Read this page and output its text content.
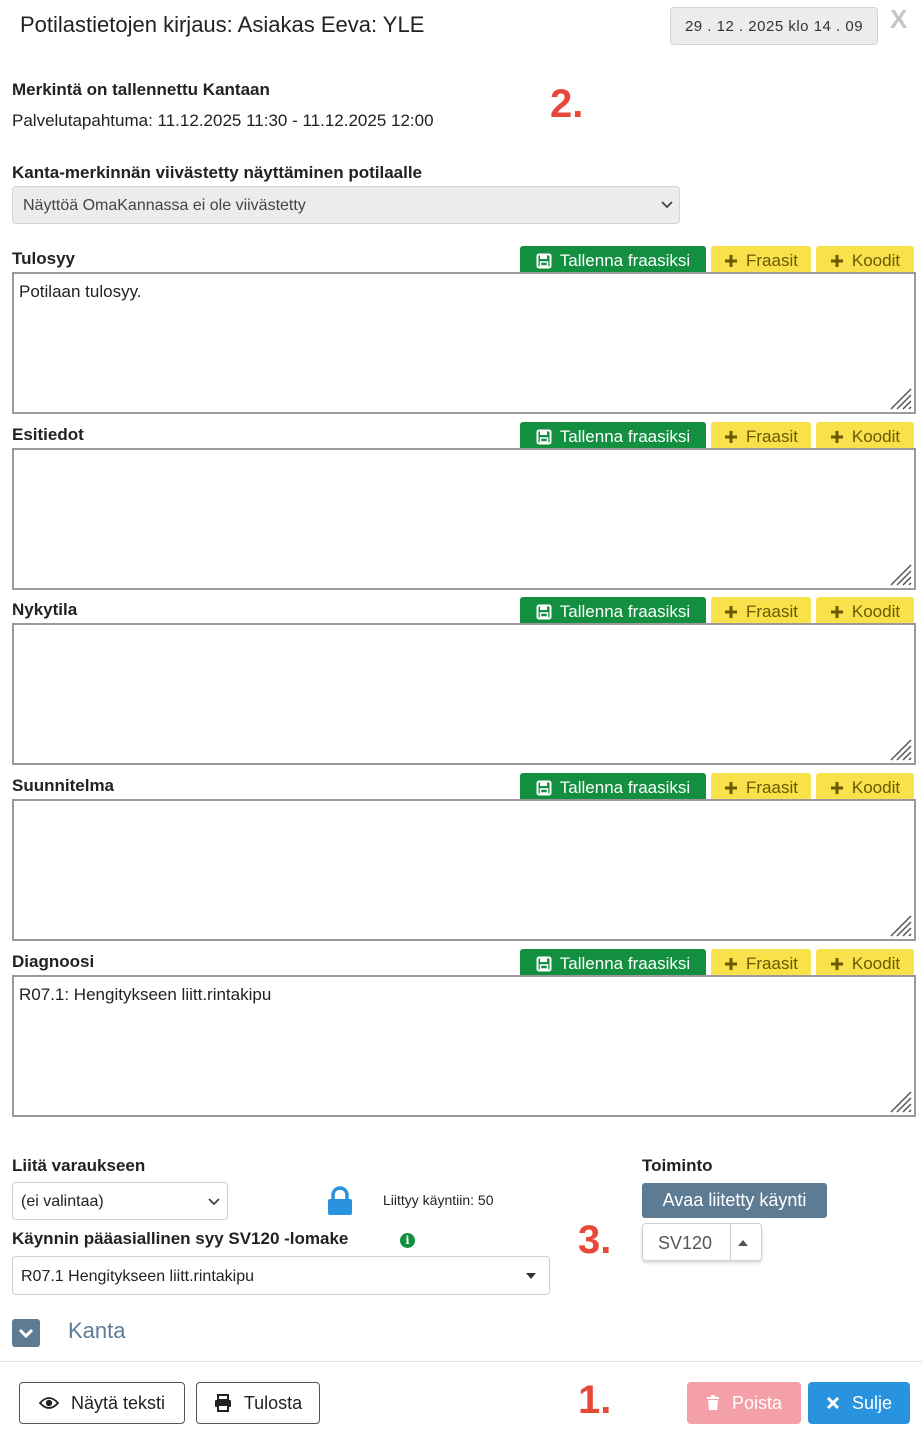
Potilastietojen kirjaus: Asiakas Eeva: YLE	29 . 12 . 2025 klo 14 . 09	X
Merkintä on tallennettu Kantaan
Palvelutapahtuma: 11.12.2025 11:30 - 11.12.2025 12:00	2.
Kanta-merkinnän viivästetty näyttäminen potilaalle
Näyttöä OmaKannassa ei ole viivästetty
Tulosyy	Tallenna fraasiksi	Fraasit	Koodit
Potilaan tulosyy.
Esitiedot	Tallenna fraasiksi	Fraasit	Koodit
Nykytila	Tallenna fraasiksi	Fraasit	Koodit
Suunnitelma	Tallenna fraasiksi	Fraasit	Koodit
Diagnoosi	Tallenna fraasiksi	Fraasit	Koodit
R07.1: Hengitykseen liitt.rintakipu
Liitä varaukseen
(ei valintaa)	Liittyy käyntiin: 50
Käynnin pääasiallinen syy SV120 -lomake	i
R07.1 Hengitykseen liitt.rintakipu
Toiminto
Avaa liitetty käynti
SV120
3.
Kanta
Näytä teksti	Tulosta	1.	Poista	Sulje
